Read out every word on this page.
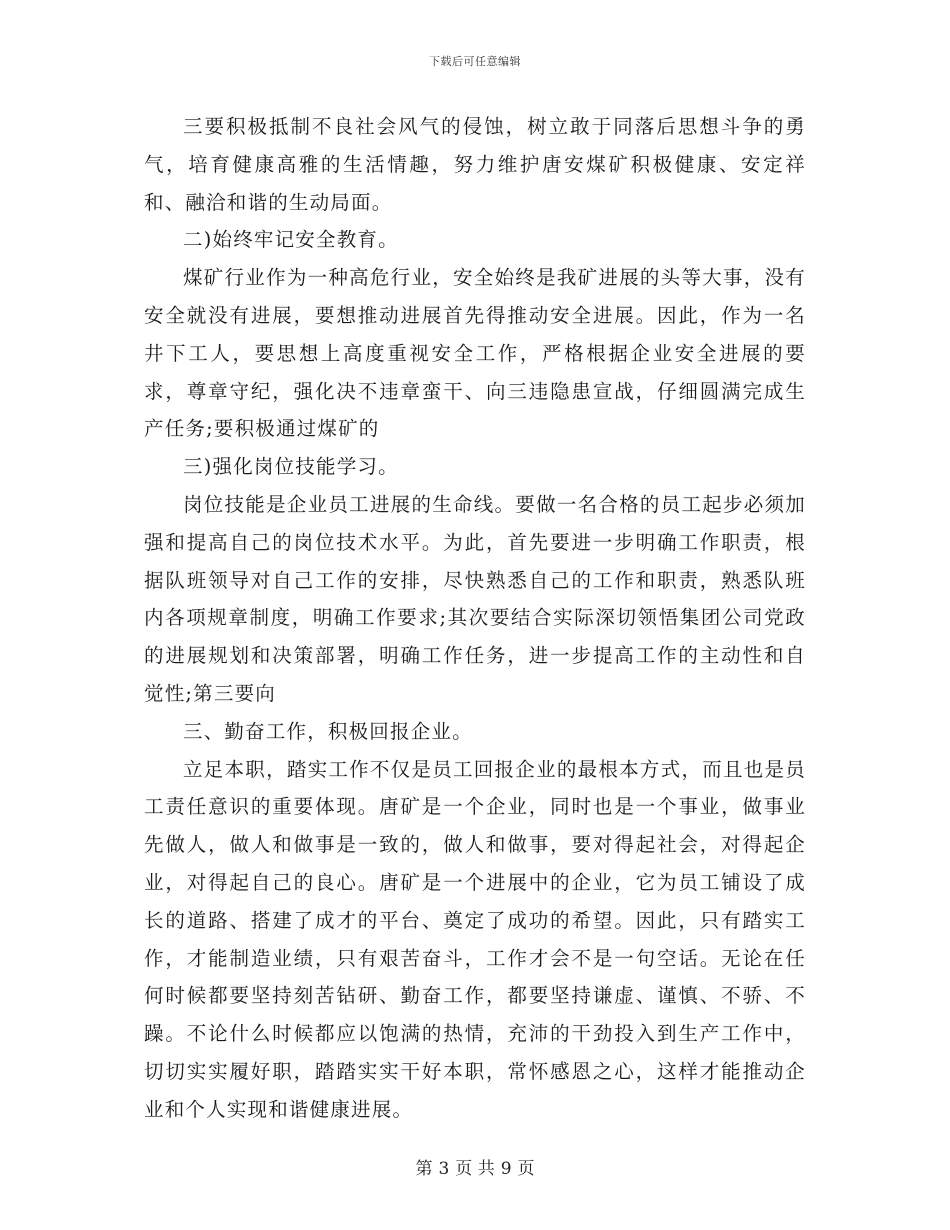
下载后可任意编辑

三要积极抵制不良社会风气的侵蚀，树立敢于同落后思想斗争的勇气，培育健康高雅的生活情趣，努力维护唐安煤矿积极健康、安定祥和、融洽和谐的生动局面。

二)始终牢记安全教育。

煤矿行业作为一种高危行业，安全始终是我矿进展的头等大事，没有安全就没有进展，要想推动进展首先得推动安全进展。因此，作为一名井下工人，要思想上高度重视安全工作，严格根据企业安全进展的要求，尊章守纪，强化决不违章蛮干、向三违隐患宣战，仔细圆满完成生产任务;要积极通过煤矿的

三)强化岗位技能学习。

岗位技能是企业员工进展的生命线。要做一名合格的员工起步必须加强和提高自己的岗位技术水平。为此，首先要进一步明确工作职责，根据队班领导对自己工作的安排，尽快熟悉自己的工作和职责，熟悉队班内各项规章制度，明确工作要求;其次要结合实际深切领悟集团公司党政的进展规划和决策部署，明确工作任务，进一步提高工作的主动性和自觉性;第三要向

三、勤奋工作，积极回报企业。

立足本职，踏实工作不仅是员工回报企业的最根本方式，而且也是员工责任意识的重要体现。唐矿是一个企业，同时也是一个事业，做事业先做人，做人和做事是一致的，做人和做事，要对得起社会，对得起企业，对得起自己的良心。唐矿是一个进展中的企业，它为员工铺设了成长的道路、搭建了成才的平台、奠定了成功的希望。因此，只有踏实工作，才能制造业绩，只有艰苦奋斗，工作才会不是一句空话。无论在任何时候都要坚持刻苦钻研、勤奋工作，都要坚持谦虚、谨慎、不骄、不躁。不论什么时候都应以饱满的热情，充沛的干劲投入到生产工作中，切切实实履好职，踏踏实实干好本职，常怀感恩之心，这样才能推动企业和个人实现和谐健康进展。

第 3 页 共 9 页
